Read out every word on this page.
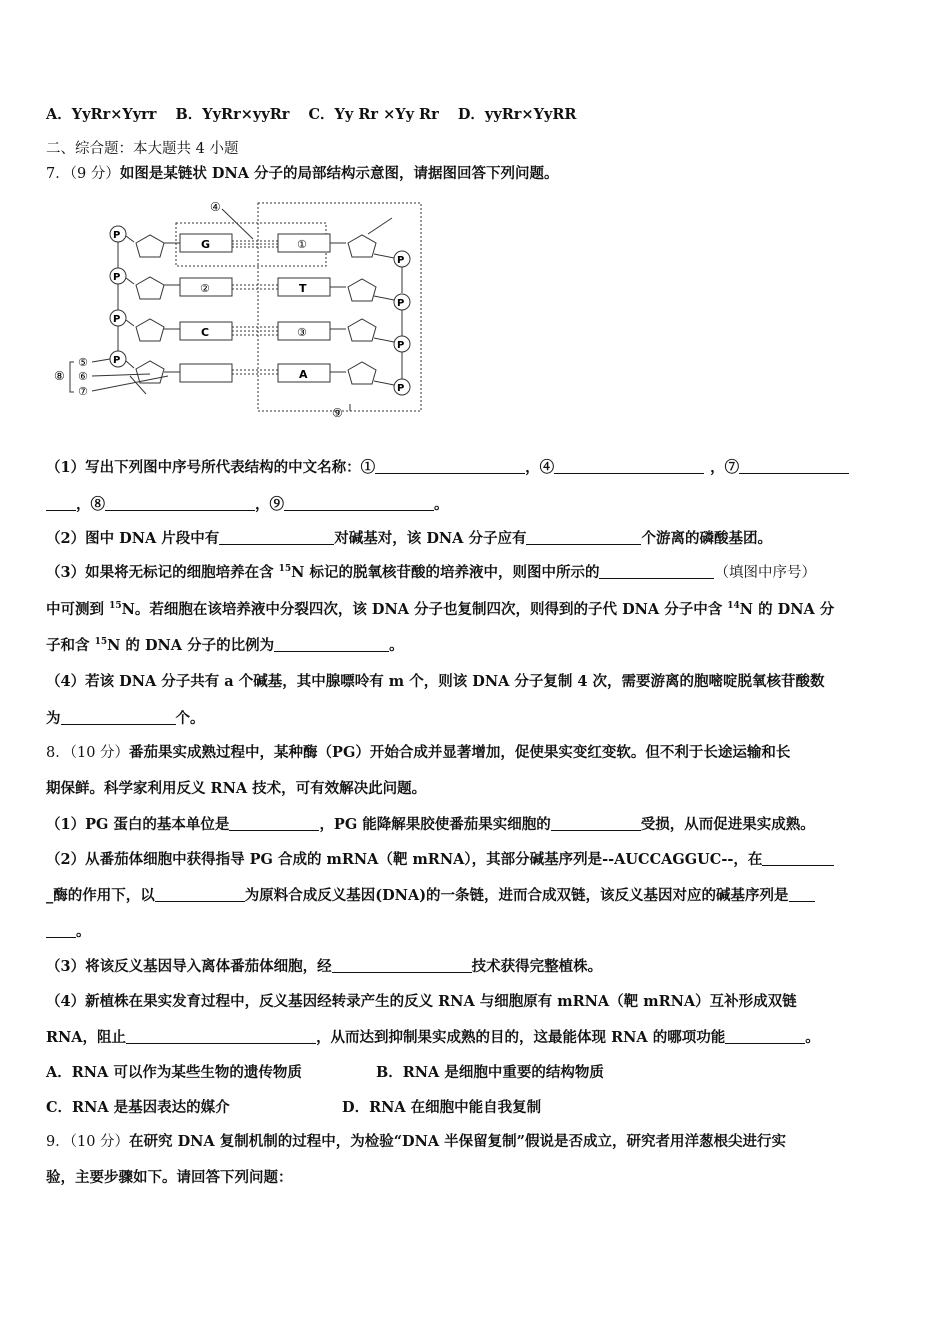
A．YyRr×Yyrr B．YyRr×yyRr C．Yy Rr ×Yy Rr D．yyRr×YyRR
二、综合题：本大题共 4 小题
7．（9 分）如图是某链状 DNA 分子的局部结构示意图，请据图回答下列问题。
⑨
④
P
G	①
P
P
②	T
P
P
C	③
P
P
A
P
⑤
⑥
⑦
⑧
（1）写出下列图中序号所代表结构的中文名称：①	，④	，⑦
，⑧	，⑨	。
（2）图中 DNA 片段中有	对碱基对，该 DNA 分子应有	个游离的磷酸基团。
（3）如果将无标记的细胞培养在含 $^{15}$N 标记的脱氧核苷酸的培养液中，则图中所示的	（填图中序号）
中可测到 $^{15}$N。若细胞在该培养液中分裂四次，该 DNA 分子也复制四次，则得到的子代 DNA 分子中含 $^{14}$N 的 DNA 分
子和含 $^{15}$N 的 DNA 分子的比例为	。
（4）若该 DNA 分子共有 a 个碱基，其中腺嘌呤有 m 个，则该 DNA 分子复制 4 次，需要游离的胞嘧啶脱氧核苷酸数
为	个。
8．（10 分）番茄果实成熟过程中，某种酶（PG）开始合成并显著增加，促使果实变红变软。但不利于长途运输和长
期保鲜。科学家利用反义 RNA 技术，可有效解决此问题。
（1）PG 蛋白的基本单位是	，PG 能降解果胶使番茄果实细胞的	受损，从而促进果实成熟。
（2）从番茄体细胞中获得指导 PG 合成的 mRNA（靶 mRNA），其部分碱基序列是--AUCCAGGUC--，在
_酶的作用下，以	为原料合成反义基因(DNA)的一条链，进而合成双链，该反义基因对应的碱基序列是
。
（3）将该反义基因导入离体番茄体细胞，经	技术获得完整植株。
（4）新植株在果实发育过程中，反义基因经转录产生的反义 RNA 与细胞原有 mRNA（靶 mRNA）互补形成双链
RNA，阻止	，从而达到抑制果实成熟的目的，这最能体现 RNA 的哪项功能	。
A．RNA 可以作为某些生物的遗传物质	B．RNA 是细胞中重要的结构物质
C．RNA 是基因表达的媒介	D．RNA 在细胞中能自我复制
9．（10 分）在研究 DNA 复制机制的过程中，为检验“DNA 半保留复制”假说是否成立，研究者用洋葱根尖进行实
验，主要步骤如下。请回答下列问题：
